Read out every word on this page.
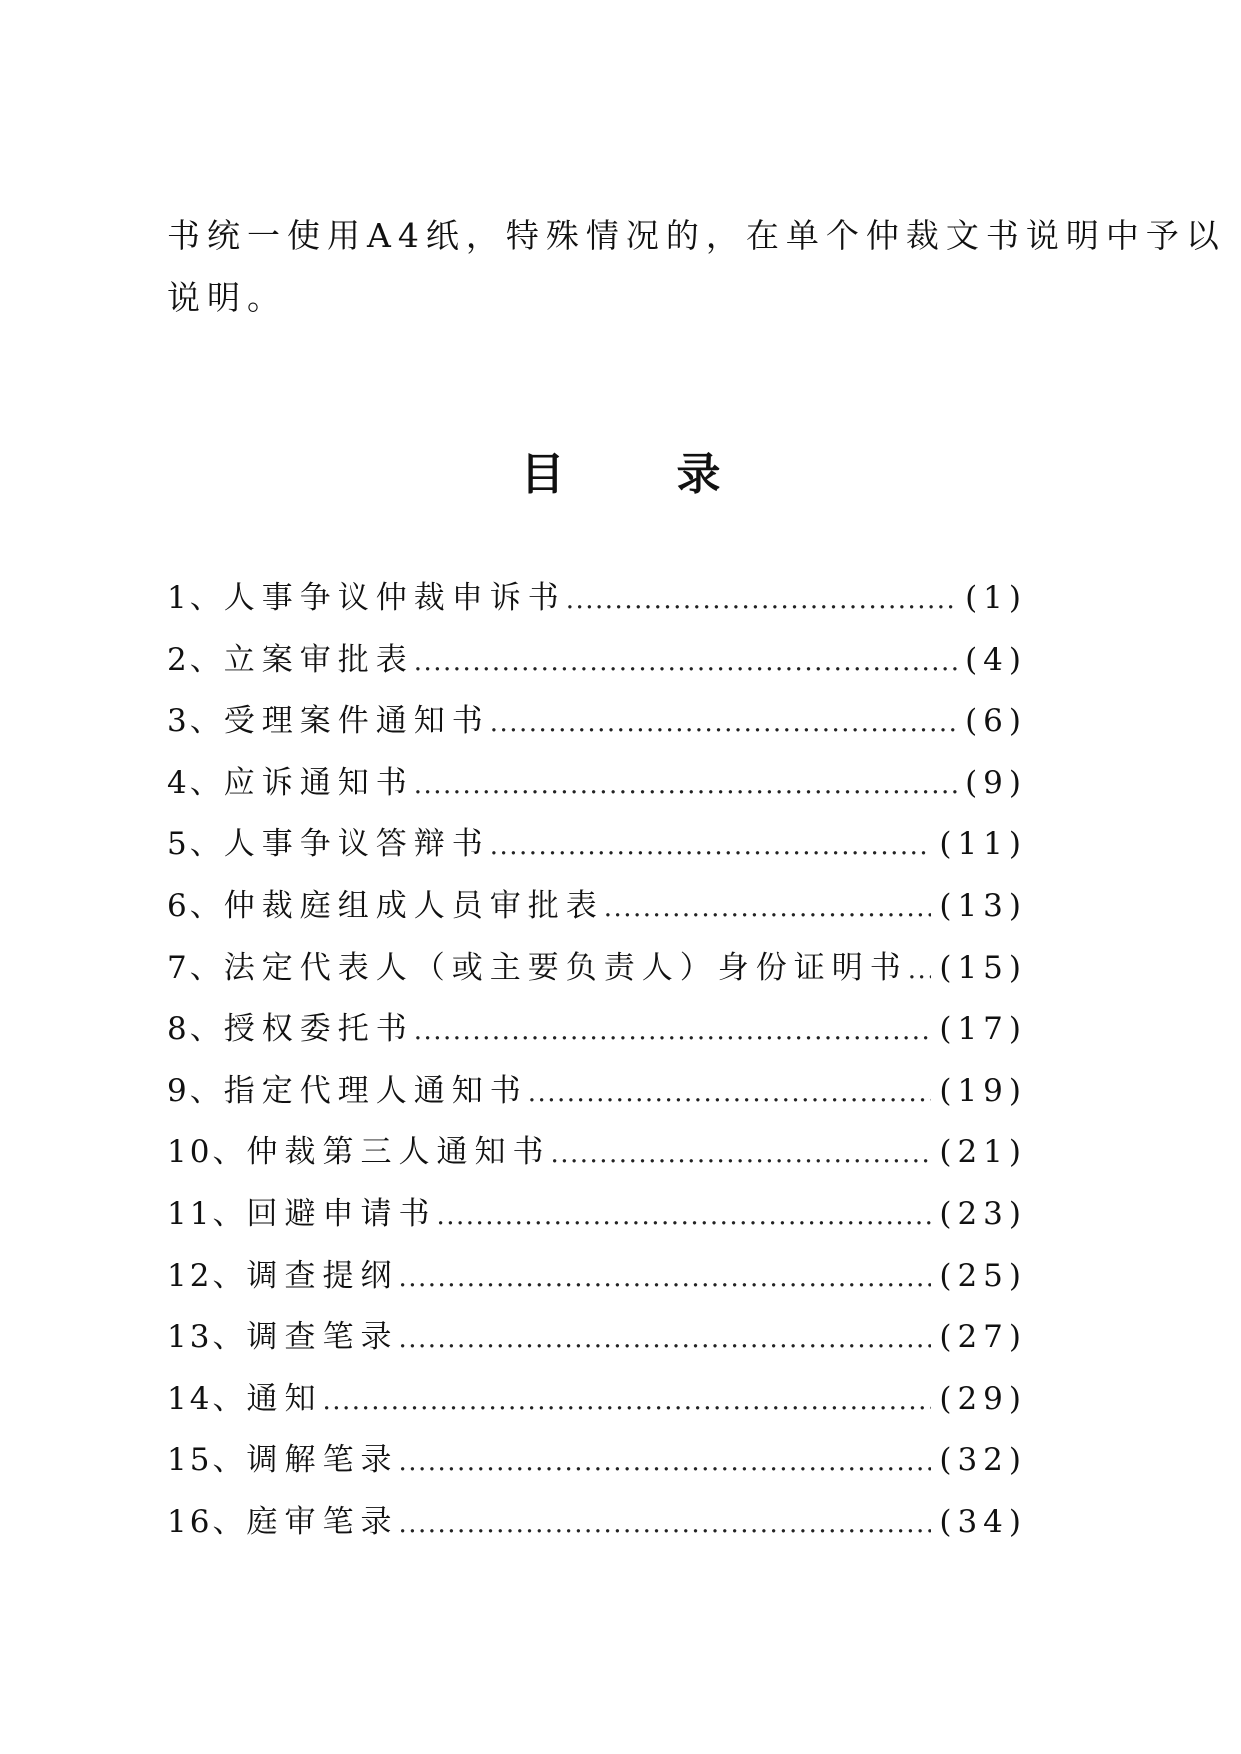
书统一使用A4纸，特殊情况的，在单个仲裁文书说明中予以

说明。

目	录
1、 人事争议仲裁申诉书 .....	(1)
2、 立案审批表 .....	(4)
3、 受理案件通知书 .....	(6)
4、 应诉通知书 .....	(9)
5、 人事争议答辩书 .....	(11)
6、 仲裁庭组成人员审批表 .....	(13)
7、 法定代表人（或主要负责人）身份证明书 ..... (15)
8、 授权委托书 .....	(17)
9、 指定代理人通知书 .....	(19)
10、 仲裁第三人通知书 .....	(21)
11、 回避申请书 .....	(23)
12、 调查提纲 .....	(25)
13、 调查笔录 .....	(27)
14、 通知 .....	(29)
15、 调解笔录 .....	(32)
16、 庭审笔录 .....	(34)
